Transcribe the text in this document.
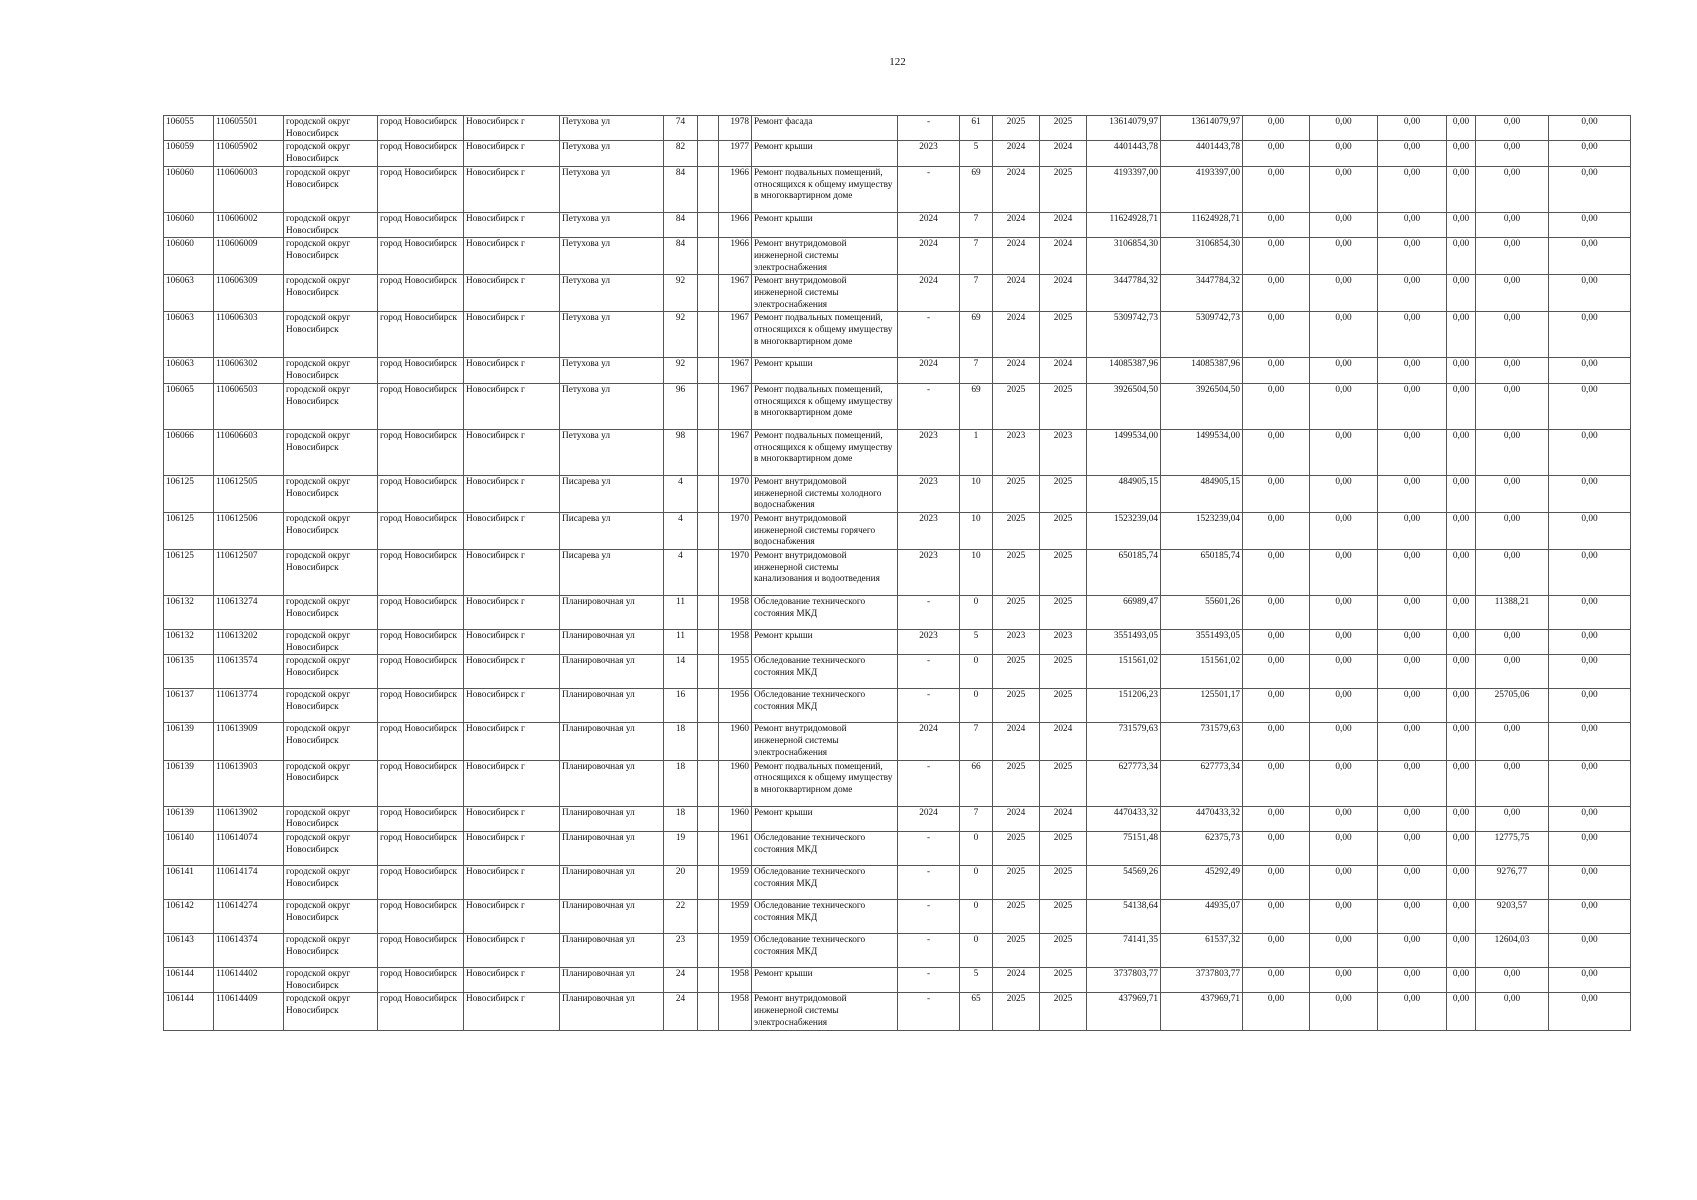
122
106055	110605501	городской округ Новосибирск	город Новосибирск	Новосибирск г	Петухова ул	74		1978	Ремонт фасада	-	61	2025	2025	13614079,97	13614079,97	0,00	0,00	0,00	0,00	0,00	0,00
106059	110605902	городской округ Новосибирск	город Новосибирск	Новосибирск г	Петухова ул	82		1977	Ремонт крыши	2023	5	2024	2024	4401443,78	4401443,78	0,00	0,00	0,00	0,00	0,00	0,00
106060	110606003	городской округ Новосибирск	город Новосибирск	Новосибирск г	Петухова ул	84		1966	Ремонт подвальных помещений, относящихся к общему имуществу в многоквартирном доме	-	69	2024	2025	4193397,00	4193397,00	0,00	0,00	0,00	0,00	0,00	0,00
106060	110606002	городской округ Новосибирск	город Новосибирск	Новосибирск г	Петухова ул	84		1966	Ремонт крыши	2024	7	2024	2024	11624928,71	11624928,71	0,00	0,00	0,00	0,00	0,00	0,00
106060	110606009	городской округ Новосибирск	город Новосибирск	Новосибирск г	Петухова ул	84		1966	Ремонт внутридомовой инженерной системы электроснабжения	2024	7	2024	2024	3106854,30	3106854,30	0,00	0,00	0,00	0,00	0,00	0,00
106063	110606309	городской округ Новосибирск	город Новосибирск	Новосибирск г	Петухова ул	92		1967	Ремонт внутридомовой инженерной системы электроснабжения	2024	7	2024	2024	3447784,32	3447784,32	0,00	0,00	0,00	0,00	0,00	0,00
106063	110606303	городской округ Новосибирск	город Новосибирск	Новосибирск г	Петухова ул	92		1967	Ремонт подвальных помещений, относящихся к общему имуществу в многоквартирном доме	-	69	2024	2025	5309742,73	5309742,73	0,00	0,00	0,00	0,00	0,00	0,00
106063	110606302	городской округ Новосибирск	город Новосибирск	Новосибирск г	Петухова ул	92		1967	Ремонт крыши	2024	7	2024	2024	14085387,96	14085387,96	0,00	0,00	0,00	0,00	0,00	0,00
106065	110606503	городской округ Новосибирск	город Новосибирск	Новосибирск г	Петухова ул	96		1967	Ремонт подвальных помещений, относящихся к общему имуществу в многоквартирном доме	-	69	2025	2025	3926504,50	3926504,50	0,00	0,00	0,00	0,00	0,00	0,00
106066	110606603	городской округ Новосибирск	город Новосибирск	Новосибирск г	Петухова ул	98		1967	Ремонт подвальных помещений, относящихся к общему имуществу в многоквартирном доме	2023	1	2023	2023	1499534,00	1499534,00	0,00	0,00	0,00	0,00	0,00	0,00
106125	110612505	городской округ Новосибирск	город Новосибирск	Новосибирск г	Писарева ул	4		1970	Ремонт внутридомовой инженерной системы холодного водоснабжения	2023	10	2025	2025	484905,15	484905,15	0,00	0,00	0,00	0,00	0,00	0,00
106125	110612506	городской округ Новосибирск	город Новосибирск	Новосибирск г	Писарева ул	4		1970	Ремонт внутридомовой инженерной системы горячего водоснабжения	2023	10	2025	2025	1523239,04	1523239,04	0,00	0,00	0,00	0,00	0,00	0,00
106125	110612507	городской округ Новосибирск	город Новосибирск	Новосибирск г	Писарева ул	4		1970	Ремонт внутридомовой инженерной системы канализования и водоотведения	2023	10	2025	2025	650185,74	650185,74	0,00	0,00	0,00	0,00	0,00	0,00
106132	110613274	городской округ Новосибирск	город Новосибирск	Новосибирск г	Планировочная ул	11		1958	Обследование технического состояния МКД	-	0	2025	2025	66989,47	55601,26	0,00	0,00	0,00	0,00	11388,21	0,00
106132	110613202	городской округ Новосибирск	город Новосибирск	Новосибирск г	Планировочная ул	11		1958	Ремонт крыши	2023	5	2023	2023	3551493,05	3551493,05	0,00	0,00	0,00	0,00	0,00	0,00
106135	110613574	городской округ Новосибирск	город Новосибирск	Новосибирск г	Планировочная ул	14		1955	Обследование технического состояния МКД	-	0	2025	2025	151561,02	151561,02	0,00	0,00	0,00	0,00	0,00	0,00
106137	110613774	городской округ Новосибирск	город Новосибирск	Новосибирск г	Планировочная ул	16		1956	Обследование технического состояния МКД	-	0	2025	2025	151206,23	125501,17	0,00	0,00	0,00	0,00	25705,06	0,00
106139	110613909	городской округ Новосибирск	город Новосибирск	Новосибирск г	Планировочная ул	18		1960	Ремонт внутридомовой инженерной системы электроснабжения	2024	7	2024	2024	731579,63	731579,63	0,00	0,00	0,00	0,00	0,00	0,00
106139	110613903	городской округ Новосибирск	город Новосибирск	Новосибирск г	Планировочная ул	18		1960	Ремонт подвальных помещений, относящихся к общему имуществу в многоквартирном доме	-	66	2025	2025	627773,34	627773,34	0,00	0,00	0,00	0,00	0,00	0,00
106139	110613902	городской округ Новосибирск	город Новосибирск	Новосибирск г	Планировочная ул	18		1960	Ремонт крыши	2024	7	2024	2024	4470433,32	4470433,32	0,00	0,00	0,00	0,00	0,00	0,00
106140	110614074	городской округ Новосибирск	город Новосибирск	Новосибирск г	Планировочная ул	19		1961	Обследование технического состояния МКД	-	0	2025	2025	75151,48	62375,73	0,00	0,00	0,00	0,00	12775,75	0,00
106141	110614174	городской округ Новосибирск	город Новосибирск	Новосибирск г	Планировочная ул	20		1959	Обследование технического состояния МКД	-	0	2025	2025	54569,26	45292,49	0,00	0,00	0,00	0,00	9276,77	0,00
106142	110614274	городской округ Новосибирск	город Новосибирск	Новосибирск г	Планировочная ул	22		1959	Обследование технического состояния МКД	-	0	2025	2025	54138,64	44935,07	0,00	0,00	0,00	0,00	9203,57	0,00
106143	110614374	городской округ Новосибирск	город Новосибирск	Новосибирск г	Планировочная ул	23		1959	Обследование технического состояния МКД	-	0	2025	2025	74141,35	61537,32	0,00	0,00	0,00	0,00	12604,03	0,00
106144	110614402	городской округ Новосибирск	город Новосибирск	Новосибирск г	Планировочная ул	24		1958	Ремонт крыши	-	5	2024	2025	3737803,77	3737803,77	0,00	0,00	0,00	0,00	0,00	0,00
106144	110614409	городской округ Новосибирск	город Новосибирск	Новосибирск г	Планировочная ул	24		1958	Ремонт внутридомовой инженерной системы электроснабжения	-	65	2025	2025	437969,71	437969,71	0,00	0,00	0,00	0,00	0,00	0,00
